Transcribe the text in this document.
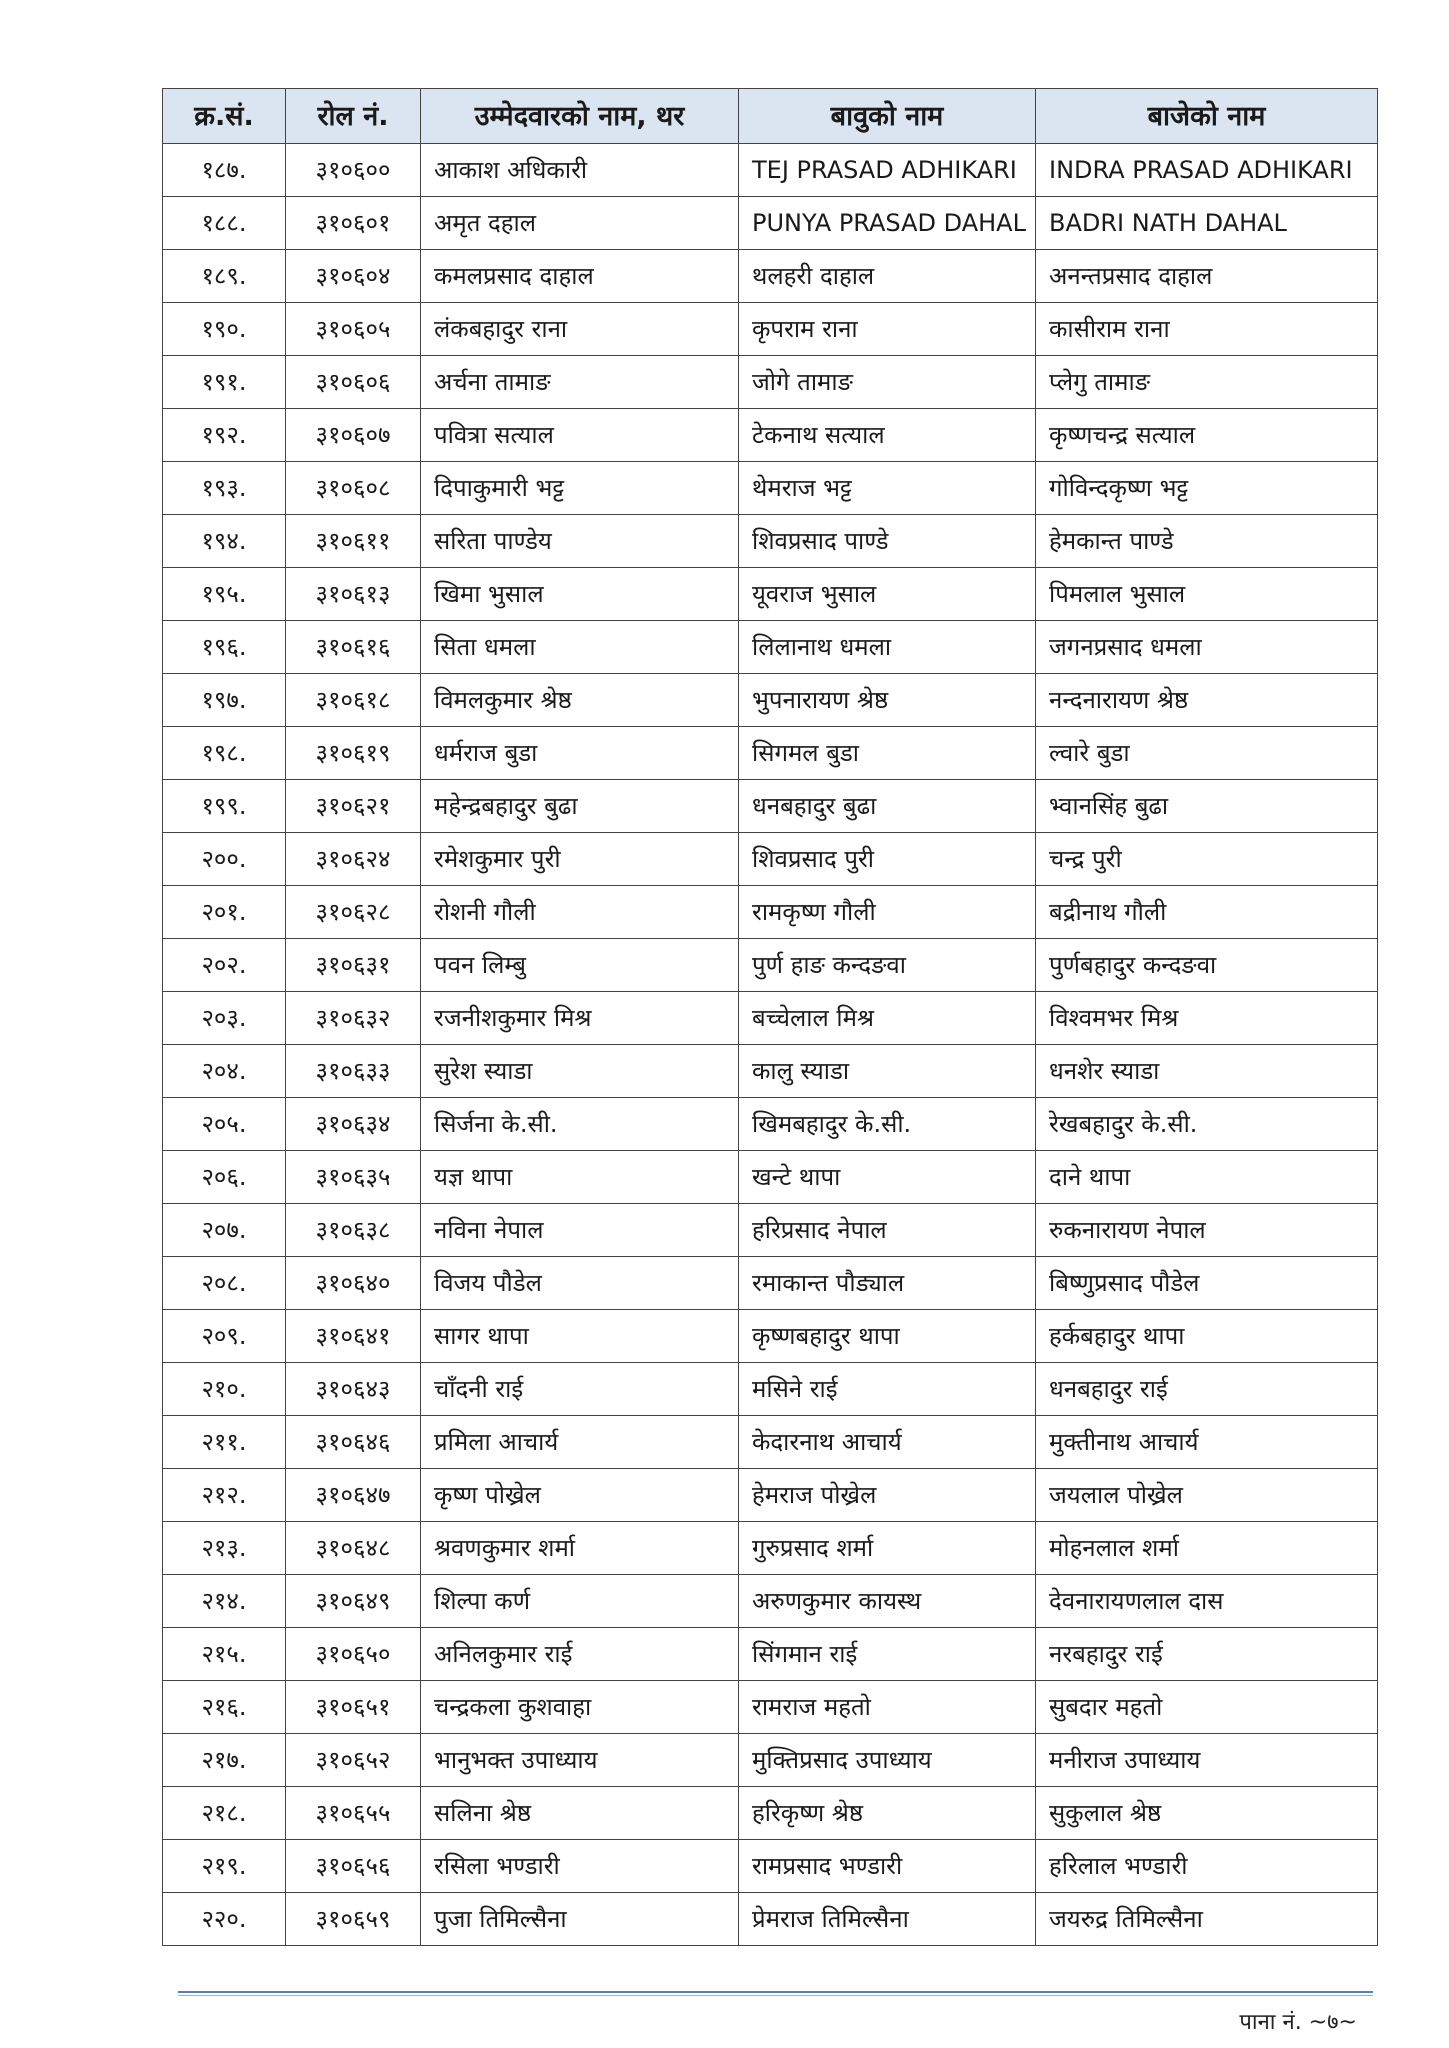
क्र.सं.	रोल नं.	उम्मेदवारको नाम, थर	बावुको नाम	बाजेको नाम
१८७.	३१०६००	आकाश अधिकारी	TEJ PRASAD ADHIKARI	INDRA PRASAD ADHIKARI
१८८.	३१०६०१	अमृत दहाल	PUNYA PRASAD DAHAL	BADRI NATH DAHAL
१८९.	३१०६०४	कमलप्रसाद दाहाल	थलहरी दाहाल	अनन्तप्रसाद दाहाल
१९०.	३१०६०५	लंकबहादुर राना	कृपराम राना	कासीराम राना
१९१.	३१०६०६	अर्चना तामाङ	जोगे तामाङ	प्लेगु तामाङ
१९२.	३१०६०७	पवित्रा सत्याल	टेकनाथ सत्याल	कृष्णचन्द्र सत्याल
१९३.	३१०६०८	दिपाकुमारी भट्ट	थेमराज भट्ट	गोविन्दकृष्ण भट्ट
१९४.	३१०६११	सरिता पाण्डेय	शिवप्रसाद पाण्डे	हेमकान्त पाण्डे
१९५.	३१०६१३	खिमा भुसाल	यूवराज भुसाल	पिमलाल भुसाल
१९६.	३१०६१६	सिता धमला	लिलानाथ धमला	जगनप्रसाद धमला
१९७.	३१०६१८	विमलकुमार श्रेष्ठ	भुपनारायण श्रेष्ठ	नन्दनारायण श्रेष्ठ
१९८.	३१०६१९	धर्मराज बुडा	सिगमल बुडा	ल्वारे बुडा
१९९.	३१०६२१	महेन्द्रबहादुर बुढा	धनबहादुर बुढा	भ्वानसिंह बुढा
२००.	३१०६२४	रमेशकुमार पुरी	शिवप्रसाद पुरी	चन्द्र पुरी
२०१.	३१०६२८	रोशनी गौली	रामकृष्ण गौली	बद्रीनाथ गौली
२०२.	३१०६३१	पवन लिम्बु	पुर्ण हाङ कन्दङवा	पुर्णबहादुर कन्दङवा
२०३.	३१०६३२	रजनीशकुमार मिश्र	बच्चेलाल मिश्र	विश्वमभर मिश्र
२०४.	३१०६३३	सुरेश स्याडा	कालु स्याडा	धनशेर स्याडा
२०५.	३१०६३४	सिर्जना के.सी.	खिमबहादुर के.सी.	रेखबहादुर के.सी.
२०६.	३१०६३५	यज्ञ थापा	खन्टे थापा	दाने थापा
२०७.	३१०६३८	नविना नेपाल	हरिप्रसाद नेपाल	रुकनारायण नेपाल
२०८.	३१०६४०	विजय पौडेल	रमाकान्त पौड्याल	बिष्णुप्रसाद पौडेल
२०९.	३१०६४१	सागर थापा	कृष्णबहादुर थापा	हर्कबहादुर थापा
२१०.	३१०६४३	चाँदनी राई	मसिने राई	धनबहादुर राई
२११.	३१०६४६	प्रमिला आचार्य	केदारनाथ आचार्य	मुक्तीनाथ आचार्य
२१२.	३१०६४७	कृष्ण पोख्रेल	हेमराज पोख्रेल	जयलाल पोख्रेल
२१३.	३१०६४८	श्रवणकुमार शर्मा	गुरुप्रसाद शर्मा	मोहनलाल शर्मा
२१४.	३१०६४९	शिल्पा कर्ण	अरुणकुमार कायस्थ	देवनारायणलाल दास
२१५.	३१०६५०	अनिलकुमार राई	सिंगमान राई	नरबहादुर राई
२१६.	३१०६५१	चन्द्रकला कुशवाहा	रामराज महतो	सुबदार महतो
२१७.	३१०६५२	भानुभक्त उपाध्याय	मुक्तिप्रसाद उपाध्याय	मनीराज उपाध्याय
२१८.	३१०६५५	सलिना श्रेष्ठ	हरिकृष्ण श्रेष्ठ	सुकुलाल श्रेष्ठ
२१९.	३१०६५६	रसिला भण्डारी	रामप्रसाद भण्डारी	हरिलाल भण्डारी
२२०.	३१०६५९	पुजा तिमिल्सैना	प्रेमराज तिमिल्सैना	जयरुद्र तिमिल्सैना
पाना नं. ~७~
